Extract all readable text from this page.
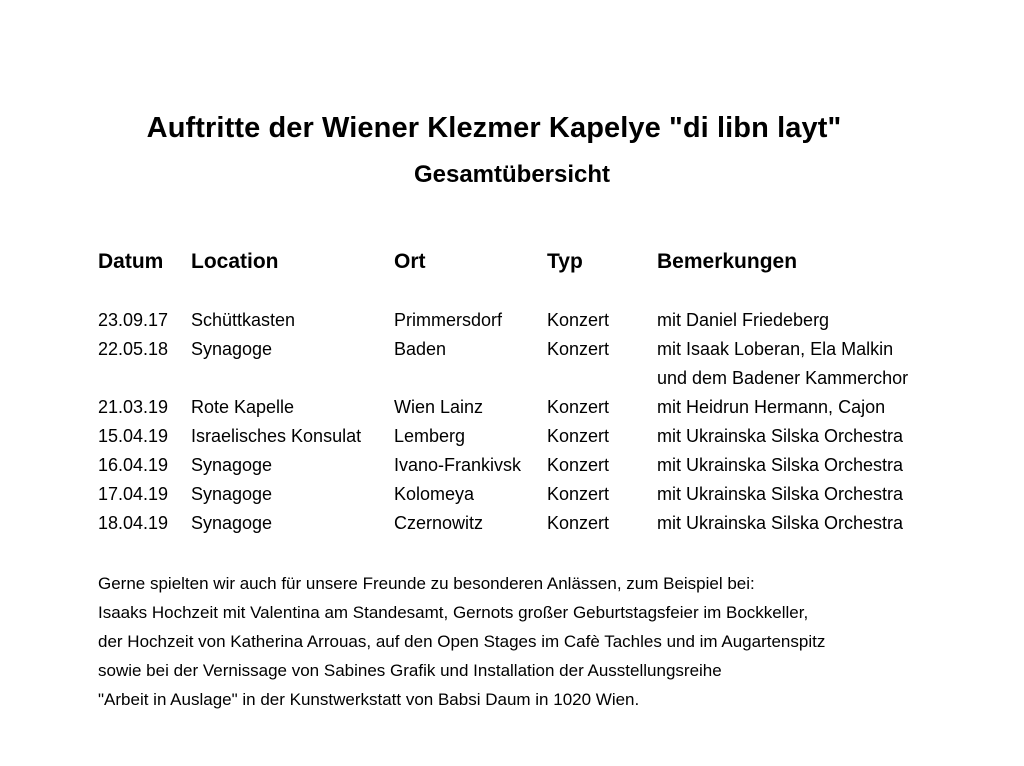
Auftritte der Wiener Klezmer Kapelye "di libn layt"
Gesamtübersicht
Datum Location	Ort	Typ	Bemerkungen
23.09.17 Schüttkasten	Primmersdorf Konzert	mit Daniel Friedeberg
22.05.18 Synagoge	Baden	Konzert	mit Isaak Loberan, Ela Malkin
und dem Badener Kammerchor
21.03.19 Rote Kapelle	Wien Lainz	Konzert	mit Heidrun Hermann, Cajon
15.04.19 Israelisches Konsulat Lemberg	Konzert	mit Ukrainska Silska Orchestra
16.04.19 Synagoge	Ivano-Frankivsk Konzert	mit Ukrainska Silska Orchestra
17.04.19 Synagoge	Kolomeya	Konzert	mit Ukrainska Silska Orchestra
18.04.19 Synagoge	Czernowitz	Konzert	mit Ukrainska Silska Orchestra
Gerne spielten wir auch für unsere Freunde zu besonderen Anlässen, zum Beispiel bei:
Isaaks Hochzeit mit Valentina am Standesamt, Gernots großer Geburtstagsfeier im Bockkeller,
der Hochzeit von Katherina Arrouas, auf den Open Stages im Cafè Tachles und im Augartenspitz
sowie bei der Vernissage von Sabines Grafik und Installation der Ausstellungsreihe
"Arbeit in Auslage" in der Kunstwerkstatt von Babsi Daum in 1020 Wien.
